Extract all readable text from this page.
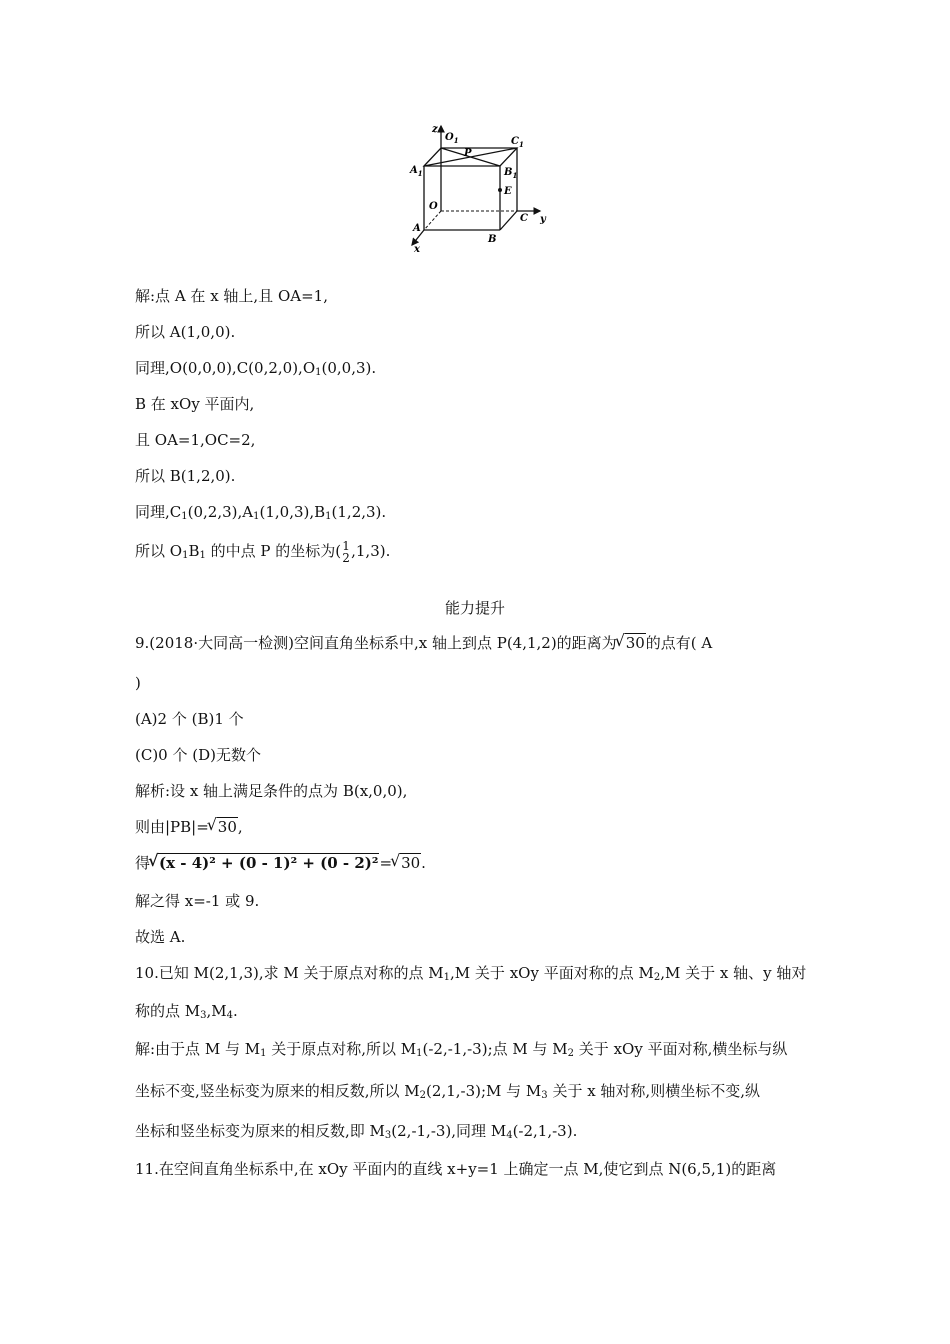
z
$O_1$
P
$C_1$
$A_1$	$B_1$
E
O
C y
A
B
x
解:点 A 在 x 轴上,且 OA=1,
所以 A(1,0,0).
同理$,O(0,0,0),C(0,2,0),O_1(0,0,3)$.
B 在 xOy 平面内,
且 OA=1,OC=2,
所以 B(1,2,0).
同理$,C_1(0,2,3),A_1(1,0,3),B_1(1,2,3)$.
所以 $O_1B_1$ 的中点 P 的坐标为( 1
2 ,1,3).
能力提升
9.(2018·大同高一检测)空间直角坐标系中,x 轴上到点 P(4,1,2)的距离为 √ 30的点有( A
)
(A)2 个 (B)1 个
(C)0 个 (D)无数个
解析:设 x 轴上满足条件的点为 B(x,0,0),
则由|PB|= √ 30,
得 √ (x - 4)² + (0 - 1)² + (0 - 2)²= √ 30.
解之得 x=-1 或 9.
故选 A.
10.已知 M(2,1,3),求 M 关于原点对称的点 $M_1,M$ 关于 xOy 平面对称的点 $M_2,M$ 关于 x 轴、y 轴对
称的点 $M_3,M_4$.
解:由于点 M 与 $M_1$ 关于原点对称,所以 $M_1(-2,-1,-3)$;点 M 与 $M_2$ 关于 xOy 平面对称,横坐标与纵
坐标不变,竖坐标变为原来的相反数,所以 $M_2(2,1,-3);M$ 与 $M_3$ 关于 x 轴对称,则横坐标不变,纵
坐标和竖坐标变为原来的相反数,即 $M_3(2,-1,-3)$,同理 $M_4(-2,1,-3)$.
11.在空间直角坐标系中,在 xOy 平面内的直线 x+y=1 上确定一点 M,使它到点 N(6,5,1)的距离
